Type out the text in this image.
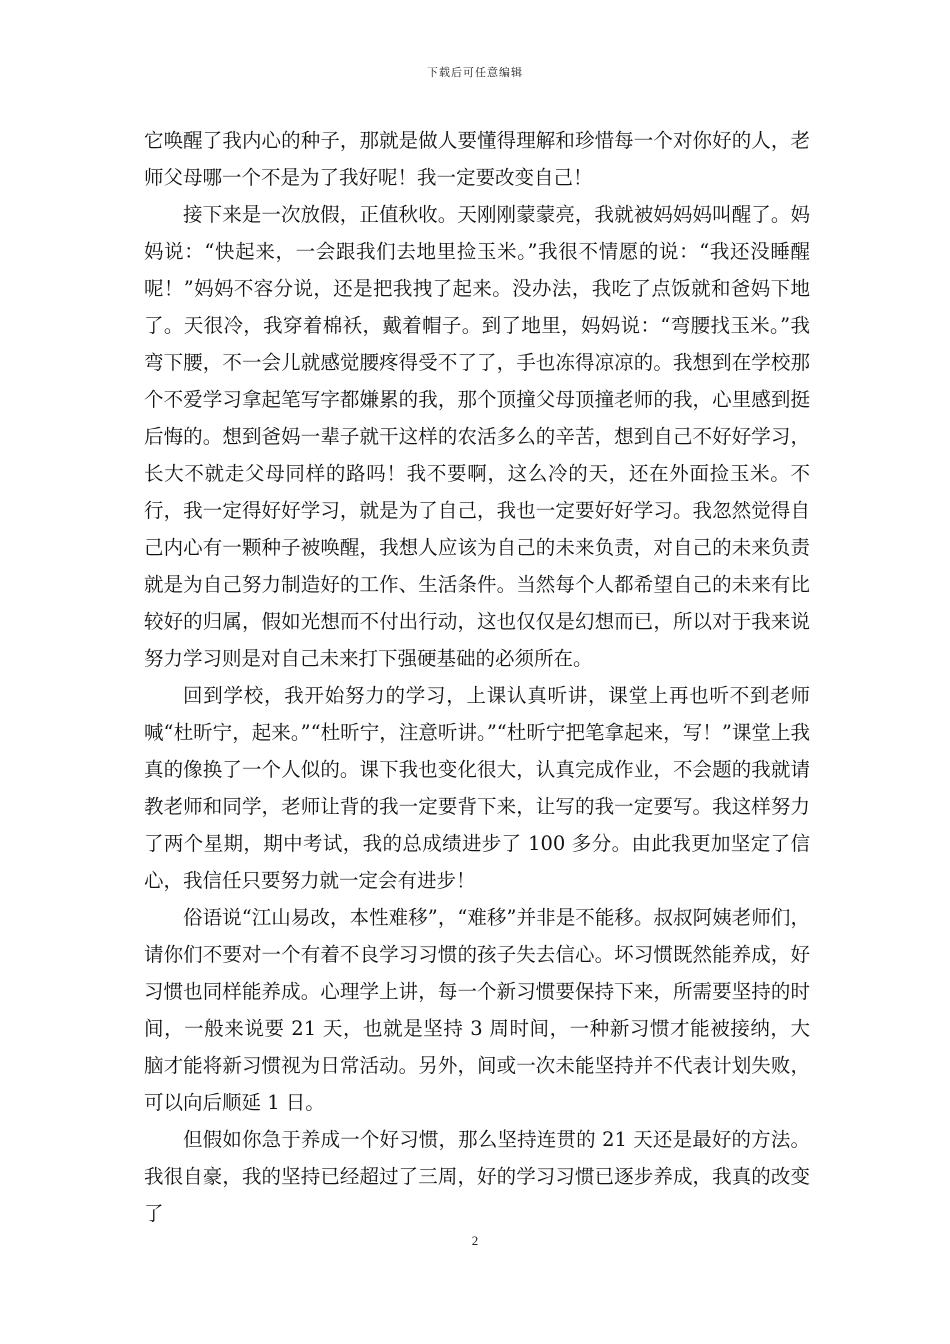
下载后可任意编辑

它唤醒了我内心的种子，那就是做人要懂得理解和珍惜每一个对你好的人，老师父母哪一个不是为了我好呢！我一定要改变自己！

接下来是一次放假，正值秋收。天刚刚蒙蒙亮，我就被妈妈妈叫醒了。妈妈说：“快起来，一会跟我们去地里捡玉米。”我很不情愿的说：“我还没睡醒呢！”妈妈不容分说，还是把我拽了起来。没办法，我吃了点饭就和爸妈下地了。天很冷，我穿着棉袄，戴着帽子。到了地里，妈妈说：“弯腰找玉米。”我弯下腰，不一会儿就感觉腰疼得受不了了，手也冻得凉凉的。我想到在学校那个不爱学习拿起笔写字都嫌累的我，那个顶撞父母顶撞老师的我，心里感到挺后悔的。想到爸妈一辈子就干这样的农活多么的辛苦，想到自己不好好学习，长大不就走父母同样的路吗！我不要啊，这么冷的天，还在外面捡玉米。不行，我一定得好好学习，就是为了自己，我也一定要好好学习。我忽然觉得自己内心有一颗种子被唤醒，我想人应该为自己的未来负责，对自己的未来负责就是为自己努力制造好的工作、生活条件。当然每个人都希望自己的未来有比较好的归属，假如光想而不付出行动，这也仅仅是幻想而已，所以对于我来说努力学习则是对自己未来打下强硬基础的必须所在。

回到学校，我开始努力的学习，上课认真听讲，课堂上再也听不到老师喊“杜昕宁，起来。”“杜昕宁，注意听讲。”“杜昕宁把笔拿起来，写！”课堂上我真的像换了一个人似的。课下我也变化很大，认真完成作业，不会题的我就请教老师和同学，老师让背的我一定要背下来，让写的我一定要写。我这样努力了两个星期，期中考试，我的总成绩进步了 100 多分。由此我更加坚定了信心，我信任只要努力就一定会有进步！

俗语说“江山易改，本性难移”，“难移”并非是不能移。叔叔阿姨老师们，请你们不要对一个有着不良学习习惯的孩子失去信心。坏习惯既然能养成，好习惯也同样能养成。心理学上讲，每一个新习惯要保持下来，所需要坚持的时间，一般来说要 21 天，也就是坚持 3 周时间，一种新习惯才能被接纳，大脑才能将新习惯视为日常活动。另外，间或一次未能坚持并不代表计划失败，可以向后顺延 1 日。

但假如你急于养成一个好习惯，那么坚持连贯的 21 天还是最好的方法。我很自豪，我的坚持已经超过了三周，好的学习习惯已逐步养成，我真的改变了

2
